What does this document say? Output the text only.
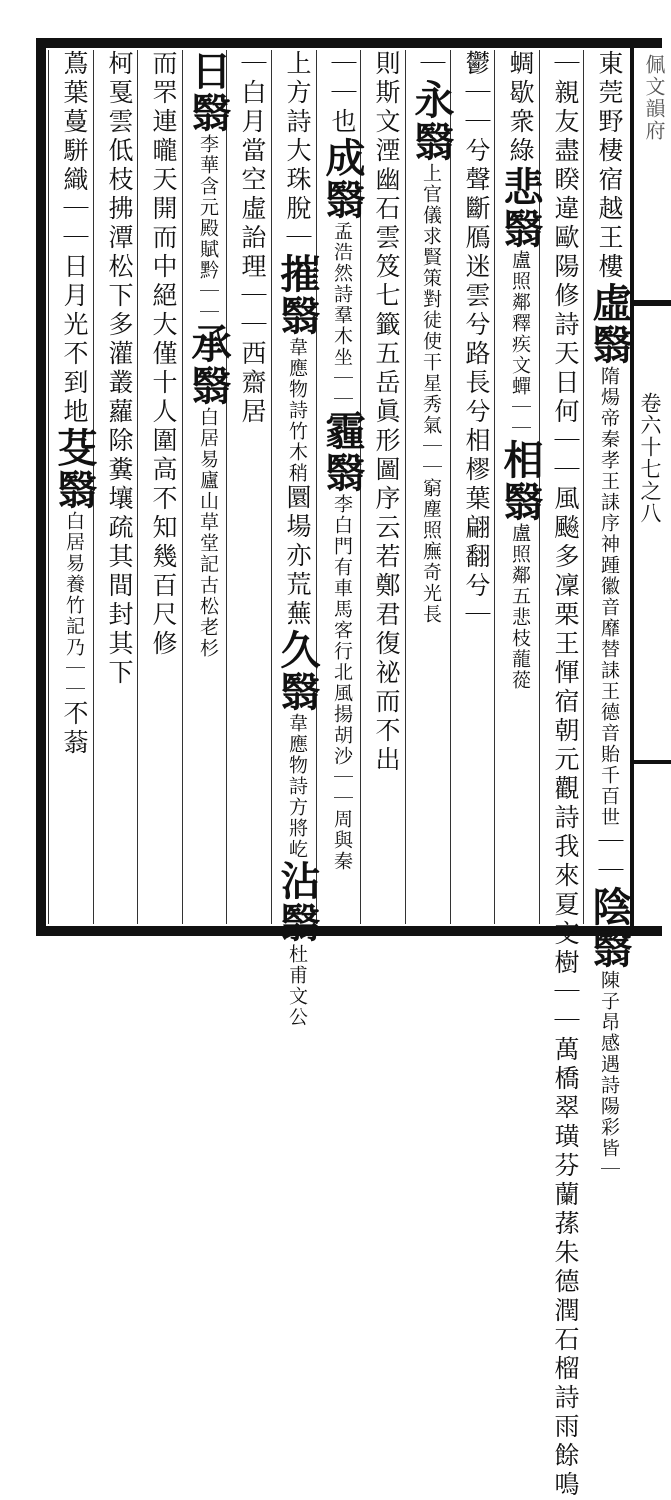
佩文韻府
卷六十七之八
東莞野棲宿越王樓虛翳隋煬帝秦孝王誄序神踵徽音靡替誄王德音貽千百世｜｜陰翳陳子昂感遇詩陽彩皆｜
｜親友盡睽違歐陽修詩天日何｜｜風飈多凜栗王惲宿朝元觀詩我來夏交樹｜｜萬橋翠璜芬蘭蓀朱德潤石榴詩雨餘鳴
蜩歇衆綠悲翳盧照鄰釋疾文蟬｜｜相翳盧照鄰五悲枝蘢蓯
鬱｜｜兮聲斷鴈迷雲兮路長兮相樛葉翩翻兮｜
｜永翳上官儀求賢策對徒使干星秀氣｜｜窮塵照廡奇光長
則斯文湮幽石雲笈七籤五岳眞形圖序云若鄭君復祕而不出
｜｜也成翳孟浩然詩羣木坐｜｜霾翳李白門有車馬客行北風揚胡沙｜｜周與秦
上方詩大珠脫｜摧翳韋應物詩竹木稍圜場亦荒蕪久翳韋應物詩方將屹沾翳杜甫文公
｜白月當空虛詒理｜｜西齋居
日翳李華含元殿賦黔｜｜承翳白居易廬山草堂記古松老杉
而罘連曨天開而中絕大僅十人圍高不知幾百尺修
柯戛雲低枝拂潭松下多灌叢蘿除糞壤疏其間封其下
蔦葉蔓駢織｜｜日月光不到地芟翳白居易養竹記乃｜｜不蓊
